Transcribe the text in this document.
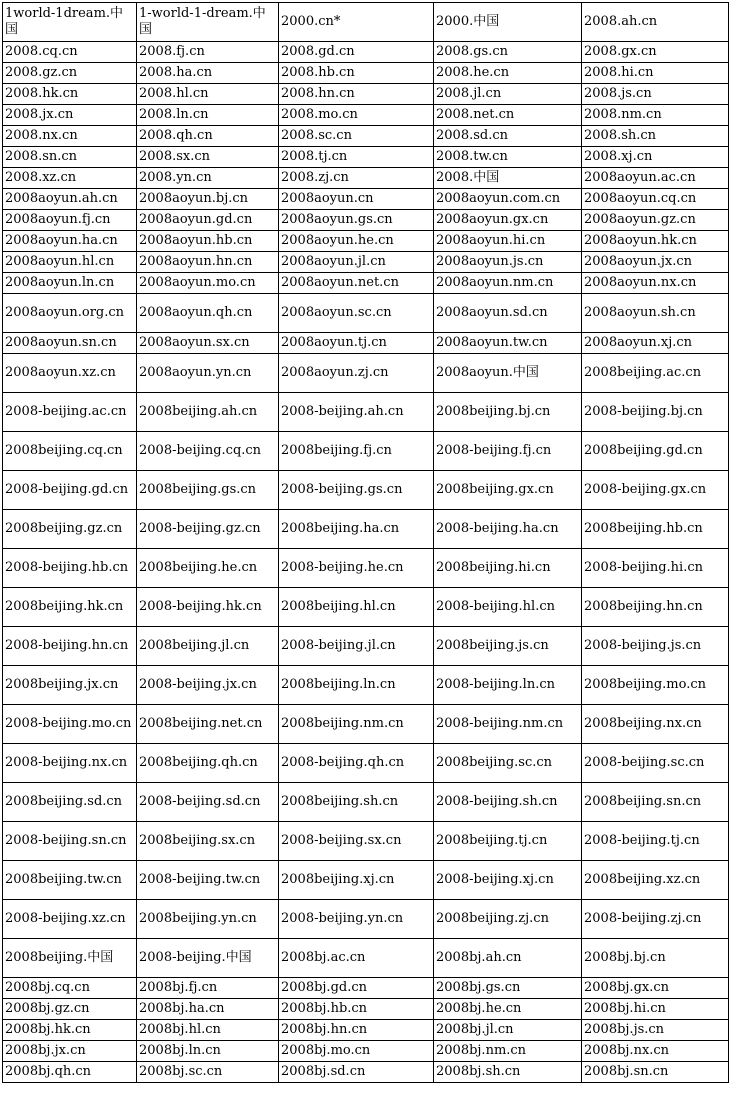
1world-1dream.中国	1-world-1-dream.中国	2000.cn*	2000.中国	2008.ah.cn
2008.cq.cn	2008.fj.cn	2008.gd.cn	2008.gs.cn	2008.gx.cn
2008.gz.cn	2008.ha.cn	2008.hb.cn	2008.he.cn	2008.hi.cn
2008.hk.cn	2008.hl.cn	2008.hn.cn	2008.jl.cn	2008.js.cn
2008.jx.cn	2008.ln.cn	2008.mo.cn	2008.net.cn	2008.nm.cn
2008.nx.cn	2008.qh.cn	2008.sc.cn	2008.sd.cn	2008.sh.cn
2008.sn.cn	2008.sx.cn	2008.tj.cn	2008.tw.cn	2008.xj.cn
2008.xz.cn	2008.yn.cn	2008.zj.cn	2008.中国	2008aoyun.ac.cn
2008aoyun.ah.cn	2008aoyun.bj.cn	2008aoyun.cn	2008aoyun.com.cn	2008aoyun.cq.cn
2008aoyun.fj.cn	2008aoyun.gd.cn	2008aoyun.gs.cn	2008aoyun.gx.cn	2008aoyun.gz.cn
2008aoyun.ha.cn	2008aoyun.hb.cn	2008aoyun.he.cn	2008aoyun.hi.cn	2008aoyun.hk.cn
2008aoyun.hl.cn	2008aoyun.hn.cn	2008aoyun.jl.cn	2008aoyun.js.cn	2008aoyun.jx.cn
2008aoyun.ln.cn	2008aoyun.mo.cn	2008aoyun.net.cn	2008aoyun.nm.cn	2008aoyun.nx.cn
2008aoyun.org.cn	2008aoyun.qh.cn	2008aoyun.sc.cn	2008aoyun.sd.cn	2008aoyun.sh.cn
2008aoyun.sn.cn	2008aoyun.sx.cn	2008aoyun.tj.cn	2008aoyun.tw.cn	2008aoyun.xj.cn
2008aoyun.xz.cn	2008aoyun.yn.cn	2008aoyun.zj.cn	2008aoyun.中国	2008beijing.ac.cn
2008-beijing.ac.cn	2008beijing.ah.cn	2008-beijing.ah.cn	2008beijing.bj.cn	2008-beijing.bj.cn
2008beijing.cq.cn	2008-beijing.cq.cn	2008beijing.fj.cn	2008-beijing.fj.cn	2008beijing.gd.cn
2008-beijing.gd.cn	2008beijing.gs.cn	2008-beijing.gs.cn	2008beijing.gx.cn	2008-beijing.gx.cn
2008beijing.gz.cn	2008-beijing.gz.cn	2008beijing.ha.cn	2008-beijing.ha.cn	2008beijing.hb.cn
2008-beijing.hb.cn	2008beijing.he.cn	2008-beijing.he.cn	2008beijing.hi.cn	2008-beijing.hi.cn
2008beijing.hk.cn	2008-beijing.hk.cn	2008beijing.hl.cn	2008-beijing.hl.cn	2008beijing.hn.cn
2008-beijing.hn.cn	2008beijing.jl.cn	2008-beijing.jl.cn	2008beijing.js.cn	2008-beijing.js.cn
2008beijing.jx.cn	2008-beijing.jx.cn	2008beijing.ln.cn	2008-beijing.ln.cn	2008beijing.mo.cn
2008-beijing.mo.cn	2008beijing.net.cn	2008beijing.nm.cn	2008-beijing.nm.cn	2008beijing.nx.cn
2008-beijing.nx.cn	2008beijing.qh.cn	2008-beijing.qh.cn	2008beijing.sc.cn	2008-beijing.sc.cn
2008beijing.sd.cn	2008-beijing.sd.cn	2008beijing.sh.cn	2008-beijing.sh.cn	2008beijing.sn.cn
2008-beijing.sn.cn	2008beijing.sx.cn	2008-beijing.sx.cn	2008beijing.tj.cn	2008-beijing.tj.cn
2008beijing.tw.cn	2008-beijing.tw.cn	2008beijing.xj.cn	2008-beijing.xj.cn	2008beijing.xz.cn
2008-beijing.xz.cn	2008beijing.yn.cn	2008-beijing.yn.cn	2008beijing.zj.cn	2008-beijing.zj.cn
2008beijing.中国	2008-beijing.中国	2008bj.ac.cn	2008bj.ah.cn	2008bj.bj.cn
2008bj.cq.cn	2008bj.fj.cn	2008bj.gd.cn	2008bj.gs.cn	2008bj.gx.cn
2008bj.gz.cn	2008bj.ha.cn	2008bj.hb.cn	2008bj.he.cn	2008bj.hi.cn
2008bj.hk.cn	2008bj.hl.cn	2008bj.hn.cn	2008bj.jl.cn	2008bj.js.cn
2008bj.jx.cn	2008bj.ln.cn	2008bj.mo.cn	2008bj.nm.cn	2008bj.nx.cn
2008bj.qh.cn	2008bj.sc.cn	2008bj.sd.cn	2008bj.sh.cn	2008bj.sn.cn
